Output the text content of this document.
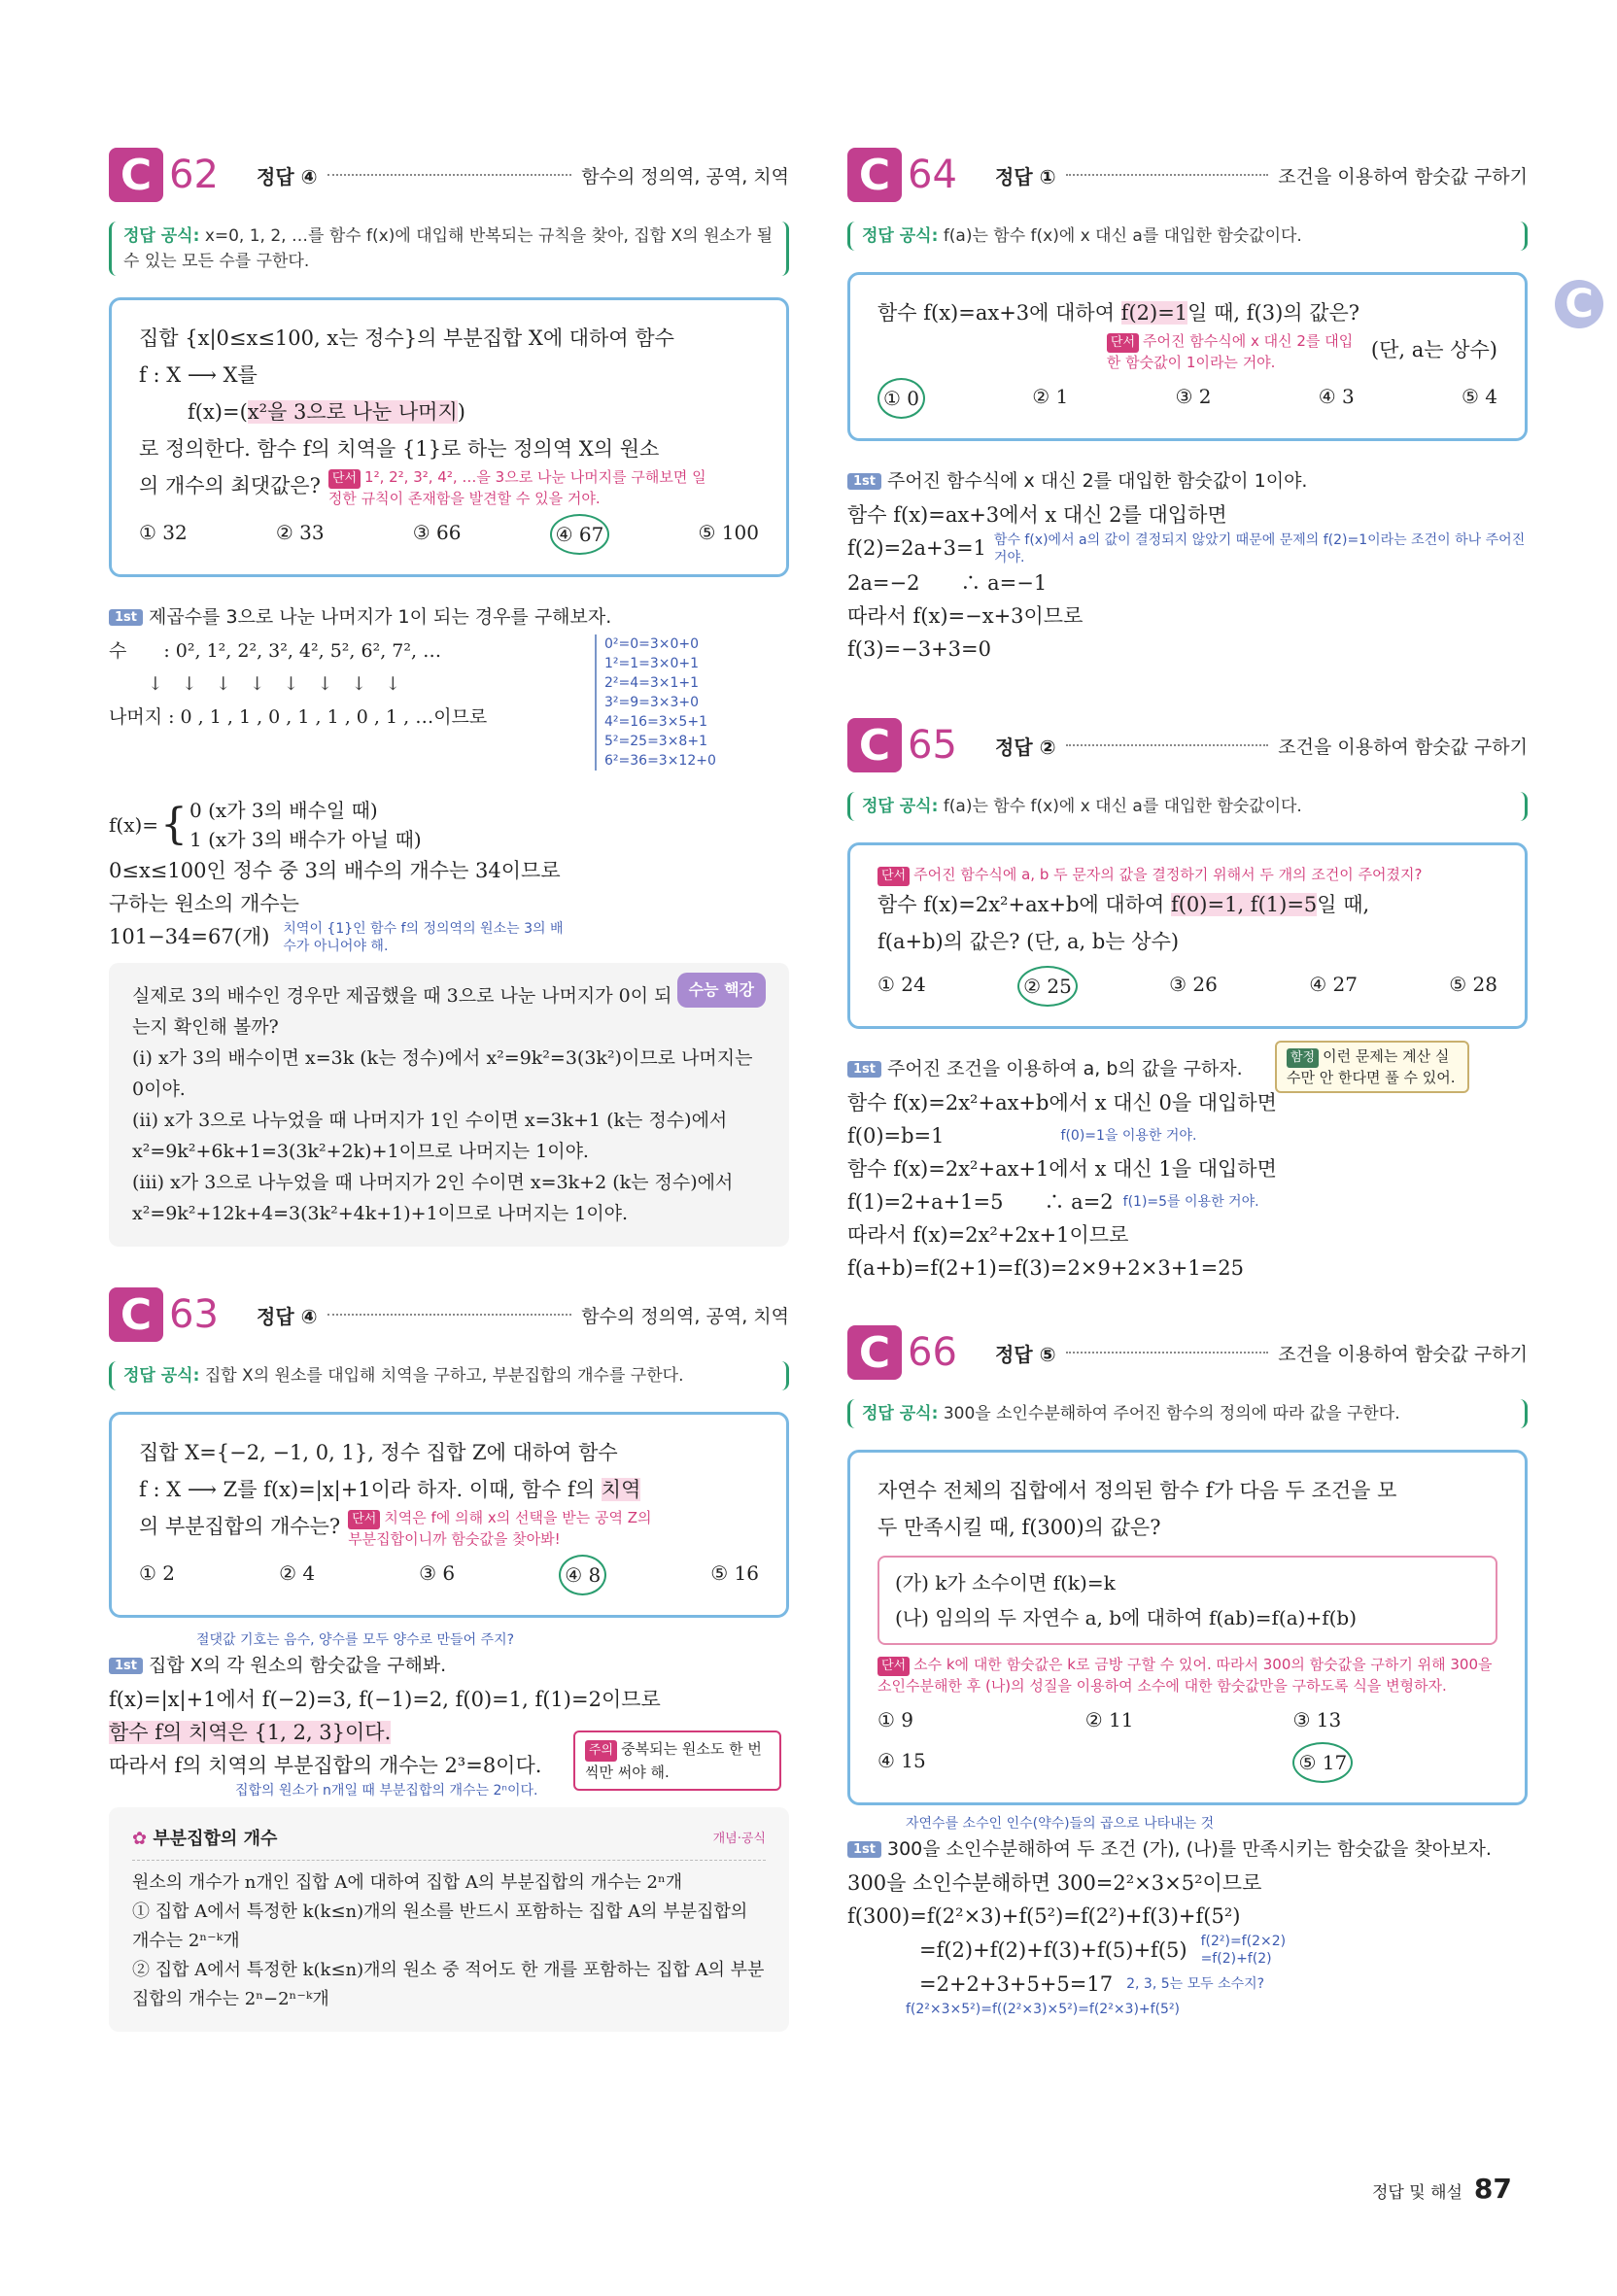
C
C 62	정답 ④	함수의 정의역, 공역, 치역
정답 공식: x=0, 1, 2, …를 함수 f(x)에 대입해 반복되는 규칙을 찾아, 집합 X의 원소가 될 수 있는 모든 수를 구한다.
집합 {x|0≤x≤100, x는 정수}의 부분집합 X에 대하여 함수
f : X ⟶ X를
f(x)=(x²을 3으로 나눈 나머지)
로 정의한다. 함수 f의 치역을 {1}로 하는 정의역 X의 원소
의 개수의 최댓값은? 단서 1², 2², 3², 4², …을 3으로 나눈 나머지를 구해보면 일정한 규칙이 존재함을 발견할 수 있을 거야.
① 32	② 33	③ 66	④ 67	⑤ 100
1st 제곱수를 3으로 나눈 나머지가 1이 되는 경우를 구해보자.
수　　: 0², 1², 2², 3², 4², 5², 6², 7², …
↓　↓　↓　↓　↓　↓　↓　↓
나머지 : 0 , 1 , 1 , 0 , 1 , 1 , 0 , 1 , …이므로
0²=0=3×0+0
1²=1=3×0+1
2²=4=3×1+1
3²=9=3×3+0
4²=16=3×5+1
5²=25=3×8+1
6²=36=3×12+0
f(x)= { 0 (x가 3의 배수일 때)
1 (x가 3의 배수가 아닐 때)
0≤x≤100인 정수 중 3의 배수의 개수는 34이므로
구하는 원소의 개수는
101−34=67(개) 치역이 {1}인 함수 f의 정의역의 원소는 3의 배수가 아니어야 해.
수능 핵강
실제로 3의 배수인 경우만 제곱했을 때 3으로 나눈 나머지가 0이 되는지 확인해 볼까?
(i) x가 3의 배수이면 x=3k (k는 정수)에서 x²=9k²=3(3k²)이므로 나머지는 0이야.
(ii) x가 3으로 나누었을 때 나머지가 1인 수이면 x=3k+1 (k는 정수)에서 x²=9k²+6k+1=3(3k²+2k)+1이므로 나머지는 1이야.
(iii) x가 3으로 나누었을 때 나머지가 2인 수이면 x=3k+2 (k는 정수)에서 x²=9k²+12k+4=3(3k²+4k+1)+1이므로 나머지는 1이야.
C 63	정답 ④	함수의 정의역, 공역, 치역
정답 공식: 집합 X의 원소를 대입해 치역을 구하고, 부분집합의 개수를 구한다.
집합 X={−2, −1, 0, 1}, 정수 집합 Z에 대하여 함수
f : X ⟶ Z를 f(x)=|x|+1이라 하자. 이때, 함수 f의 치역
의 부분집합의 개수는? 단서 치역은 f에 의해 x의 선택을 받는 공역 Z의 부분집합이니까 함숫값을 찾아봐!
① 2	② 4	③ 6	④ 8	⑤ 16
절댓값 기호는 음수, 양수를 모두 양수로 만들어 주지?
1st 집합 X의 각 원소의 함숫값을 구해봐.
f(x)=|x|+1에서 f(−2)=3, f(−1)=2, f(0)=1, f(1)=2이므로
함수 f의 치역은 {1, 2, 3}이다.
따라서 f의 치역의 부분집합의 개수는 2³=8이다.
집합의 원소가 n개일 때 부분집합의 개수는 2ⁿ이다.
주의 중복되는 원소도 한 번씩만 써야 해.
✿ 부분집합의 개수	개념·공식
원소의 개수가 n개인 집합 A에 대하여 집합 A의 부분집합의 개수는 2ⁿ개
① 집합 A에서 특정한 k(k≤n)개의 원소를 반드시 포함하는 집합 A의 부분집합의 개수는 2ⁿ⁻ᵏ개
② 집합 A에서 특정한 k(k≤n)개의 원소 중 적어도 한 개를 포함하는 집합 A의 부분집합의 개수는 2ⁿ−2ⁿ⁻ᵏ개
C 64	정답 ①	조건을 이용하여 함숫값 구하기
정답 공식: f(a)는 함수 f(x)에 x 대신 a를 대입한 함숫값이다.
함수 f(x)=ax+3에 대하여 f(2)=1일 때, f(3)의 값은?
단서 주어진 함수식에 x 대신 2를 대입한 함숫값이 1이라는 거야.
(단, a는 상수)
① 0	② 1	③ 2	④ 3	⑤ 4
1st 주어진 함수식에 x 대신 2를 대입한 함숫값이 1이야.
함수 f(x)=ax+3에서 x 대신 2를 대입하면
f(2)=2a+3=1 함수 f(x)에서 a의 값이 결정되지 않았기 때문에 문제의 f(2)=1이라는 조건이 하나 주어진 거야.
2a=−2　　∴ a=−1
따라서 f(x)=−x+3이므로
f(3)=−3+3=0
C 65	정답 ②	조건을 이용하여 함숫값 구하기
정답 공식: f(a)는 함수 f(x)에 x 대신 a를 대입한 함숫값이다.
단서 주어진 함수식에 a, b 두 문자의 값을 결정하기 위해서 두 개의 조건이 주어졌지?
함수 f(x)=2x²+ax+b에 대하여 f(0)=1, f(1)=5일 때,
f(a+b)의 값은? (단, a, b는 상수)
① 24	② 25	③ 26	④ 27	⑤ 28
1st 주어진 조건을 이용하여 a, b의 값을 구하자.
함정 이런 문제는 계산 실수만 안 한다면 풀 수 있어.
함수 f(x)=2x²+ax+b에서 x 대신 0을 대입하면
f(0)=b=1	f(0)=1을 이용한 거야.
함수 f(x)=2x²+ax+1에서 x 대신 1을 대입하면
f(1)=2+a+1=5　　∴ a=2 f(1)=5를 이용한 거야.
따라서 f(x)=2x²+2x+1이므로
f(a+b)=f(2+1)=f(3)=2×9+2×3+1=25
C 66	정답 ⑤	조건을 이용하여 함숫값 구하기
정답 공식: 300을 소인수분해하여 주어진 함수의 정의에 따라 값을 구한다.
자연수 전체의 집합에서 정의된 함수 f가 다음 두 조건을 모
두 만족시킬 때, f(300)의 값은?
(가) k가 소수이면 f(k)=k
(나) 임의의 두 자연수 a, b에 대하여 f(ab)=f(a)+f(b)
단서 소수 k에 대한 함숫값은 k로 금방 구할 수 있어. 따라서 300의 함숫값을 구하기 위해 300을 소인수분해한 후 (나)의 성질을 이용하여 소수에 대한 함숫값만을 구하도록 식을 변형하자.
① 9	② 11	③ 13
④ 15	⑤ 17
자연수를 소수인 인수(약수)들의 곱으로 나타내는 것
1st 300을 소인수분해하여 두 조건 (가), (나)를 만족시키는 함숫값을 찾아보자.
300을 소인수분해하면 300=2²×3×5²이므로
f(300)=f(2²×3)+f(5²)=f(2²)+f(3)+f(5²)
=f(2)+f(2)+f(3)+f(5)+f(5) f(2²)=f(2×2) =f(2)+f(2)
=2+2+3+5+5=17 2, 3, 5는 모두 소수지?
f(2²×3×5²)=f((2²×3)×5²)=f(2²×3)+f(5²)
정답 및 해설 87
